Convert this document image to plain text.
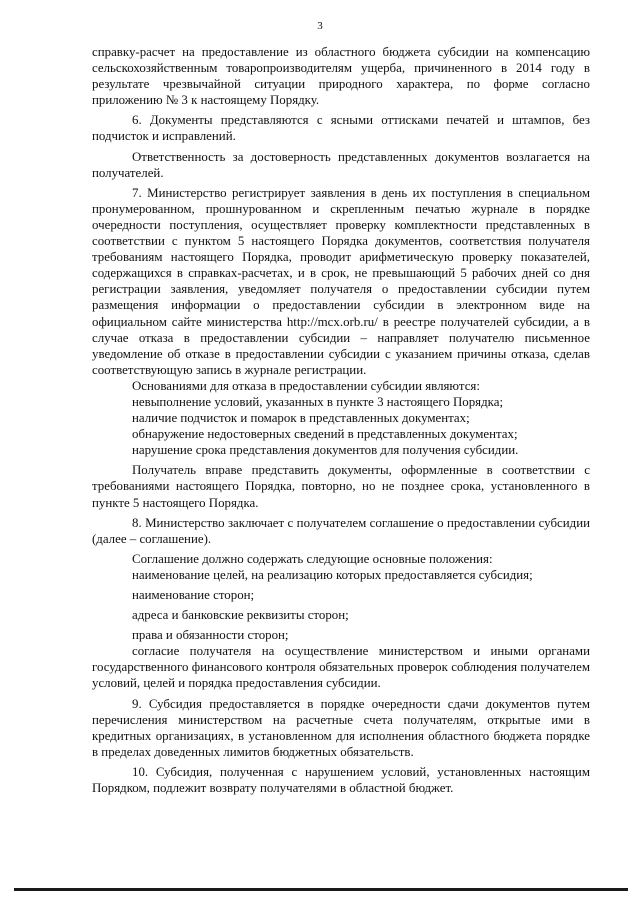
3

справку-расчет на предоставление из областного бюджета субсидии на компенсацию сельскохозяйственным товаропроизводителям ущерба, причиненного в 2014 году в результате чрезвычайной ситуации природного характера, по форме согласно приложению № 3 к настоящему Порядку.

6. Документы представляются с ясными оттисками печатей и штампов, без подчисток и исправлений.

Ответственность за достоверность представленных документов возлагается на получателей.

7. Министерство регистрирует заявления в день их поступления в специальном пронумерованном, прошнурованном и скрепленным печатью журнале в порядке очередности поступления, осуществляет проверку комплектности представленных в соответствии с пунктом 5 настоящего Порядка документов, соответствия получателя требованиям настоящего Порядка, проводит арифметическую проверку показателей, содержащихся в справках-расчетах, и в срок, не превышающий 5 рабочих дней со дня регистрации заявления, уведомляет получателя о предоставлении субсидии путем размещения информации о предоставлении субсидии в электронном виде на официальном сайте министерства http://mcx.orb.ru/ в реестре получателей субсидии, а в случае отказа в предоставлении субсидии – направляет получателю письменное уведомление об отказе в предоставлении субсидии с указанием причины отказа, сделав соответствующую запись в журнале регистрации.

Основаниями для отказа в предоставлении субсидии являются:

невыполнение условий, указанных в пункте 3 настоящего Порядка;

наличие подчисток и помарок в представленных документах;

обнаружение недостоверных сведений в представленных документах;

нарушение срока представления документов для получения субсидии.

Получатель вправе представить документы, оформленные в соответствии с требованиями настоящего Порядка, повторно, но не позднее срока, установленного в пункте 5 настоящего Порядка.

8. Министерство заключает с получателем соглашение о предоставлении субсидии (далее – соглашение).

Соглашение должно содержать следующие основные положения:

наименование целей, на реализацию которых предоставляется субсидия;

наименование сторон;

адреса и банковские реквизиты сторон;

права и обязанности сторон;

согласие получателя на осуществление министерством и иными органами государственного финансового контроля обязательных проверок соблюдения получателем условий, целей и порядка предоставления субсидии.

9. Субсидия предоставляется в порядке очередности сдачи документов путем перечисления министерством на расчетные счета получателям, открытые ими в кредитных организациях, в установленном для исполнения областного бюджета порядке в пределах доведенных лимитов бюджетных обязательств.

10. Субсидия, полученная с нарушением условий, установленных настоящим Порядком, подлежит возврату получателями в областной бюджет.
